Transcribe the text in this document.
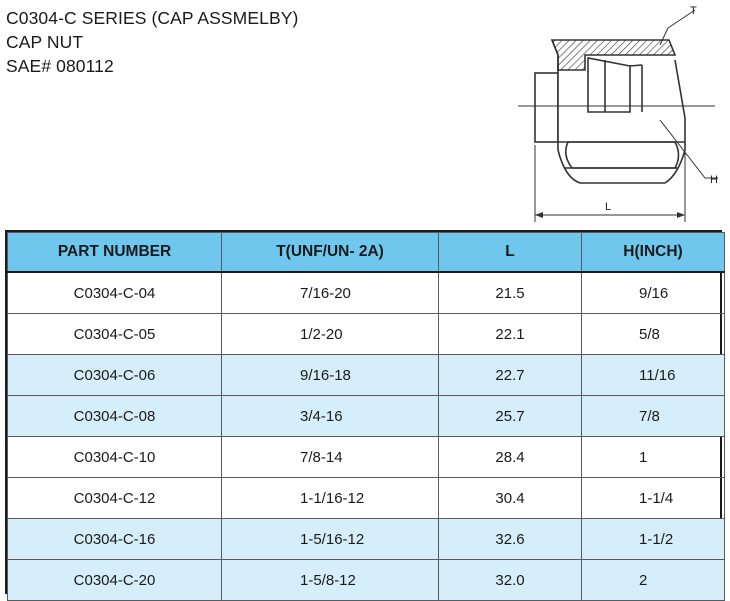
C0304-C SERIES (CAP ASSMELBY)
CAP NUT
SAE# 080112
T
H
L
PART NUMBER	T(UNF/UN- 2A)	L	H(INCH)
C0304-C-04	7/16-20	21.5	9/16
C0304-C-05	1/2-20	22.1	5/8
C0304-C-06	9/16-18	22.7	11/16
C0304-C-08	3/4-16	25.7	7/8
C0304-C-10	7/8-14	28.4	1
C0304-C-12	1-1/16-12	30.4	1-1/4
C0304-C-16	1-5/16-12	32.6	1-1/2
C0304-C-20	1-5/8-12	32.0	2
